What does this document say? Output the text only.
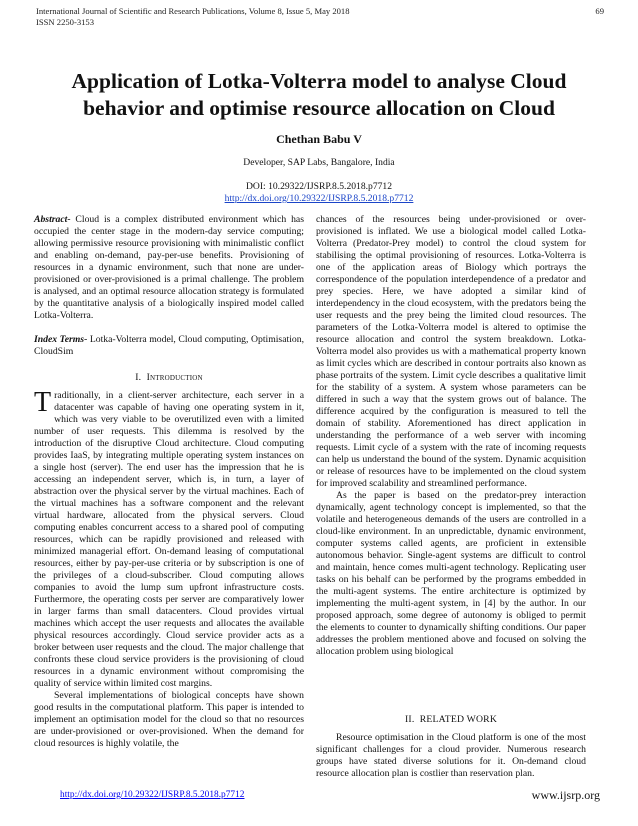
International Journal of Scientific and Research Publications, Volume 8, Issue 5, May 2018
ISSN 2250-3153
69
Application of Lotka-Volterra model to analyse Cloud behavior and optimise resource allocation on Cloud
Chethan Babu V
Developer, SAP Labs, Bangalore, India
DOI: 10.29322/IJSRP.8.5.2018.p7712
http://dx.doi.org/10.29322/IJSRP.8.5.2018.p7712

Abstract- Cloud is a complex distributed environment which has occupied the center stage in the modern-day service computing; allowing permissive resource provisioning with minimalistic conflict and enabling on-demand, pay-per-use benefits. Provisioning of resources in a dynamic environment, such that none are under-provisioned or over-provisioned is a primal challenge. The problem is analysed, and an optimal resource allocation strategy is formulated by the quantitative analysis of a biologically inspired model called Lotka-Volterra.

Index Terms- Lotka-Volterra model, Cloud computing, Optimisation, CloudSim

I. Introduction

Traditionally, in a client-server architecture, each server in a datacenter was capable of having one operating system in it, which was very viable to be overutilized even with a limited number of user requests. This dilemma is resolved by the introduction of the disruptive Cloud architecture. Cloud computing provides IaaS, by integrating multiple operating system instances on a single host (server). The end user has the impression that he is accessing an independent server, which is, in turn, a layer of abstraction over the physical server by the virtual machines. Each of the virtual machines has a software component and the relevant virtual hardware, allocated from the physical servers. Cloud computing enables concurrent access to a shared pool of computing resources, which can be rapidly provisioned and released with minimized managerial effort. On-demand leasing of computational resources, either by pay-per-use criteria or by subscription is one of the privileges of a cloud-subscriber. Cloud computing allows companies to avoid the lump sum upfront infrastructure costs. Furthermore, the operating costs per server are comparatively lower in larger farms than small datacenters. Cloud provides virtual machines which accept the user requests and allocates the available physical resources accordingly. Cloud service provider acts as a broker between user requests and the cloud. The major challenge that confronts these cloud service providers is the provisioning of cloud resources in a dynamic environment without compromising the quality of service within limited cost margins.

Several implementations of biological concepts have shown good results in the computational platform. This paper is intended to implement an optimisation model for the cloud so that no resources are under-provisioned or over-provisioned. When the demand for cloud resources is highly volatile, the

chances of the resources being under-provisioned or over-provisioned is inflated. We use a biological model called Lotka-Volterra (Predator-Prey model) to control the cloud system for stabilising the optimal provisioning of resources. Lotka-Volterra is one of the application areas of Biology which portrays the correspondence of the population interdependence of a predator and prey species. Here, we have adopted a similar kind of interdependency in the cloud ecosystem, with the predators being the user requests and the prey being the limited cloud resources. The parameters of the Lotka-Volterra model is altered to optimise the resource allocation and control the system breakdown. Lotka-Volterra model also provides us with a mathematical property known as limit cycles which are described in contour portraits also known as phase portraits of the system. Limit cycle describes a qualitative limit for the stability of a system. A system whose parameters can be differed in such a way that the system grows out of balance. The difference acquired by the configuration is measured to tell the domain of stability. Aforementioned has direct application in understanding the performance of a web server with incoming requests. Limit cycle of a system with the rate of incoming requests can help us understand the bound of the system. Dynamic acquisition or release of resources have to be implemented on the cloud system for improved scalability and streamlined performance.

As the paper is based on the predator-prey interaction dynamically, agent technology concept is implemented, so that the volatile and heterogeneous demands of the users are controlled in a cloud-like environment. In an unpredictable, dynamic environment, computer systems called agents, are proficient in extensible autonomous behavior. Single-agent systems are difficult to control and maintain, hence comes multi-agent technology. Replicating user tasks on his behalf can be performed by the programs embedded in the multi-agent systems. The entire architecture is optimized by implementing the multi-agent system, in [4] by the author. In our proposed approach, some degree of autonomy is obliged to permit the elements to counter to dynamically shifting conditions. Our paper addresses the problem mentioned above and focused on solving the allocation problem using biological

II. RELATED WORK

Resource optimisation in the Cloud platform is one of the most significant challenges for a cloud provider. Numerous research groups have stated diverse solutions for it. On-demand cloud resource allocation plan is costlier than reservation plan.

http://dx.doi.org/10.29322/IJSRP.8.5.2018.p7712	www.ijsrp.org
